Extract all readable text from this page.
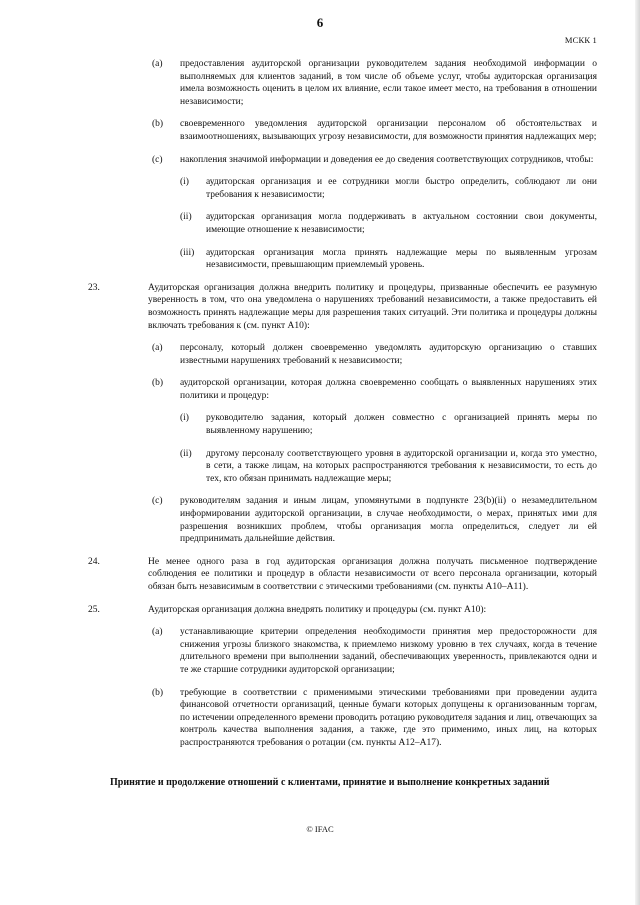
6
МСКК 1
(a) предоставления аудиторской организации руководителем задания необходимой информации о выполняемых для клиентов заданий, в том числе об объеме услуг, чтобы аудиторская организация имела возможность оценить в целом их влияние, если такое имеет место, на требования в отношении независимости;
(b) своевременного уведомления аудиторской организации персоналом об обстоятельствах и взаимоотношениях, вызывающих угрозу независимости, для возможности принятия надлежащих мер;
(c) накопления значимой информации и доведения ее до сведения соответствующих сотрудников, чтобы:
(i) аудиторская организация и ее сотрудники могли быстро определить, соблюдают ли они требования к независимости;
(ii) аудиторская организация могла поддерживать в актуальном состоянии свои документы, имеющие отношение к независимости;
(iii) аудиторская организация могла принять надлежащие меры по выявленным угрозам независимости, превышающим приемлемый уровень.
23.	Аудиторская организация должна внедрить политику и процедуры, призванные обеспечить ее разумную уверенность в том, что она уведомлена о нарушениях требований независимости, а также предоставить ей возможность принять надлежащие меры для разрешения таких ситуаций. Эти политика и процедуры должны включать требования к (см. пункт А10):
(a) персоналу, который должен своевременно уведомлять аудиторскую организацию о ставших известными нарушениях требований к независимости;
(b) аудиторской организации, которая должна своевременно сообщать о выявленных нарушениях этих политики и процедур:
(i) руководителю задания, который должен совместно с организацией принять меры по выявленному нарушению;
(ii) другому персоналу соответствующего уровня в аудиторской организации и, когда это уместно, в сети, а также лицам, на которых распространяются требования к независимости, то есть до тех, кто обязан принимать надлежащие меры;
(c) руководителям задания и иным лицам, упомянутыми в подпункте 23(b)(ii) о незамедлительном информировании аудиторской организации, в случае необходимости, о мерах, принятых ими для разрешения возникших проблем, чтобы организация могла определиться, следует ли ей предпринимать дальнейшие действия.
24.	Не менее одного раза в год аудиторская организация должна получать письменное подтверждение соблюдения ее политики и процедур в области независимости от всего персонала организации, который обязан быть независимым в соответствии с этическими требованиями (см. пункты А10–А11).
25.	Аудиторская организация должна внедрять политику и процедуры (см. пункт А10):
(a) устанавливающие критерии определения необходимости принятия мер предосторожности для снижения угрозы близкого знакомства, к приемлемо низкому уровню в тех случаях, когда в течение длительного времени при выполнении заданий, обеспечивающих уверенность, привлекаются одни и те же старшие сотрудники аудиторской организации;
(b) требующие в соответствии с применимыми этическими требованиями при проведении аудита финансовой отчетности организаций, ценные бумаги которых допущены к организованным торгам, по истечении определенного времени проводить ротацию руководителя задания и лиц, отвечающих за контроль качества выполнения задания, а также, где это применимо, иных лиц, на которых распространяются требования о ротации (см. пункты А12–А17).
Принятие и продолжение отношений с клиентами, принятие и выполнение конкретных заданий
© IFAC
